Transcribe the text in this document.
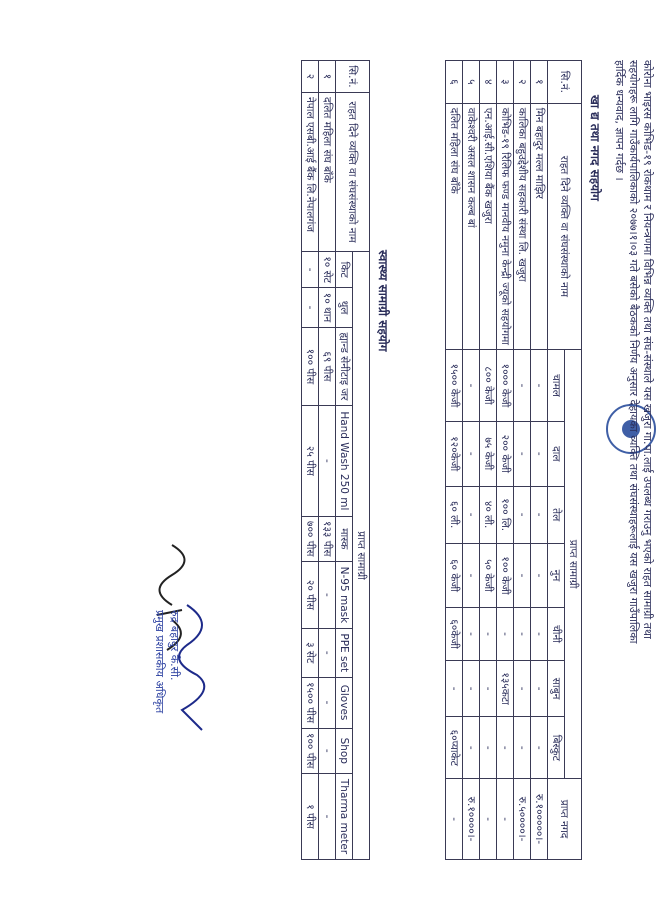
कोरोना भाइरस कोभिड-१९ रोकथाम र नियन्त्रणमा विभिन्न व्यक्ति तथा संघ-संस्थाले यस खजुरा गा.पा.लाई उपलब्ध गराउनु भएको राहत सामाग्री तथा
सहयोगहरू लागि गाउँकार्यपालिकाको २०७७।१।०३ गते बसेको बैठकको निर्णय अनुसार देहायका व्यक्ति तथा संघसंस्थाहरूलाई यस खजुरा गाउँपालिका
हार्दिक धन्यवाद, ज्ञापन गर्दछ ।
खा द्य तथा नगद सहयोग
सि.नं.	राहत दिने व्यक्ति वा संघसंस्थाको नाम	प्राप्त सामाग्री							प्राप्त नगद
		चामल	दाल	तेल	नुन	चीनी	साबुन	बिस्कुट	
१	मिन बहादुर मल्ल माझिर	-	-	-	-	-	-	-	रु.१०००००।-
२	कालिका बहुउद्देशीय सहकारी संस्था लि. खजुरा	-	-	-	-	-	-	-	रु.५००००।-
३	कोभिड-१९ रिलिफ फण्ड मानवीय नमुना केन्द्री ज्यूको सहयोगमा	१००० केजी	२०० केजी	१०० लि.	१०० केजी	-	१३५कटा	-	-
४	एन.आई.सी.एशिया बैंक खजुरा	८०० केजी	७५ केजी	४० ली.	५० केजी	-	-	-	-
५	वाकेश्वरी असल शासन कल्ब बां	-	-	-	-	-	-	-	रु.१००००।-
६	दलित महिला संघ बाँके	१५०० केजी	१२०केजी	६० ली.	६० केजी	६०केजी	-	६०प्याकेट	-
स्वास्थ्य सामाग्री सहयोग
सि.नं.	राहत दिने व्यक्ति वा संघसंस्थाको नाम	प्राप्त सामाग्री									
		किट	थुल	ह्यान्ड सेनीटाइ जर	Hand Wash 250 ml	मास्क	N-95 mask	PPE set	Gloves	Shop	Tharma meter
१	दलित महिला संघ बाँके	१० सेट	१० थान	६९ पीस	-	१३३ पीस	-	-	-	-	-
२	नेपाल एसबी.आई बैंक लि.नेपालगंज	-	-	१०० पीस	२५ पीस	७०० पीस	२० पीस	३ सेट	१५०० पीस	१०० पीस	१ पीस
रुद्र बहादुर के.सी.
प्रमुख प्रशासकीय अधिकृत
